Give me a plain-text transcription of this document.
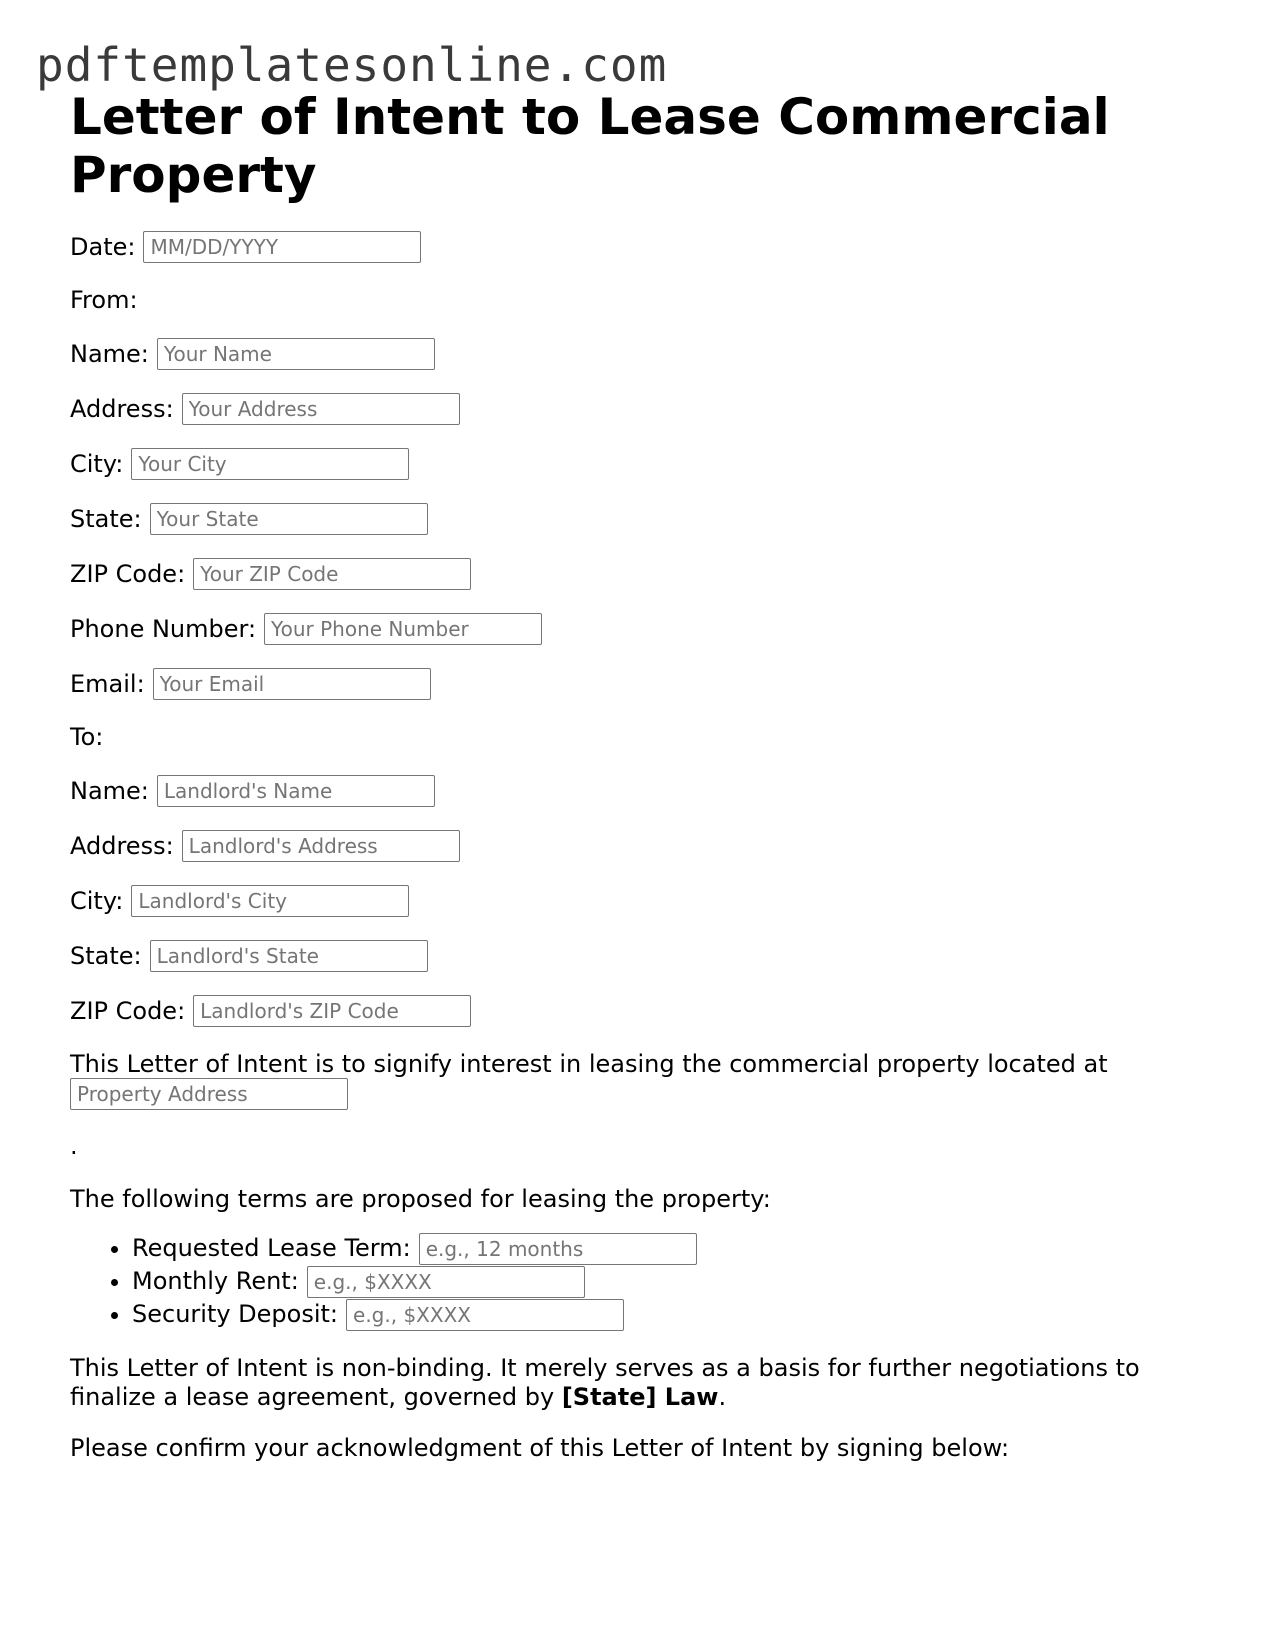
pdftemplatesonline.com
Letter of Intent to Lease Commercial Property
Date:
MM/DD/YYYY
From:
Name:
Your Name
Address:
Your Address
City:
Your City
State:
Your State
ZIP Code:
Your ZIP Code
Phone Number:
Your Phone Number
Email:
Your Email
To:
Name:
Landlord's Name
Address:
Landlord's Address
City:
Landlord's City
State:
Landlord's State
ZIP Code:
Landlord's ZIP Code
This Letter of Intent is to signify interest in leasing the commercial property located at
Property Address
.
The following terms are proposed for leasing the property:
• Requested Lease Term:e.g., 12 months
• Monthly Rent:e.g., $XXXX
• Security Deposit:e.g., $XXXX
This Letter of Intent is non-binding. It merely serves as a basis for further negotiations to finalize a lease agreement, governed by [State] Law.
Please confirm your acknowledgment of this Letter of Intent by signing below:
